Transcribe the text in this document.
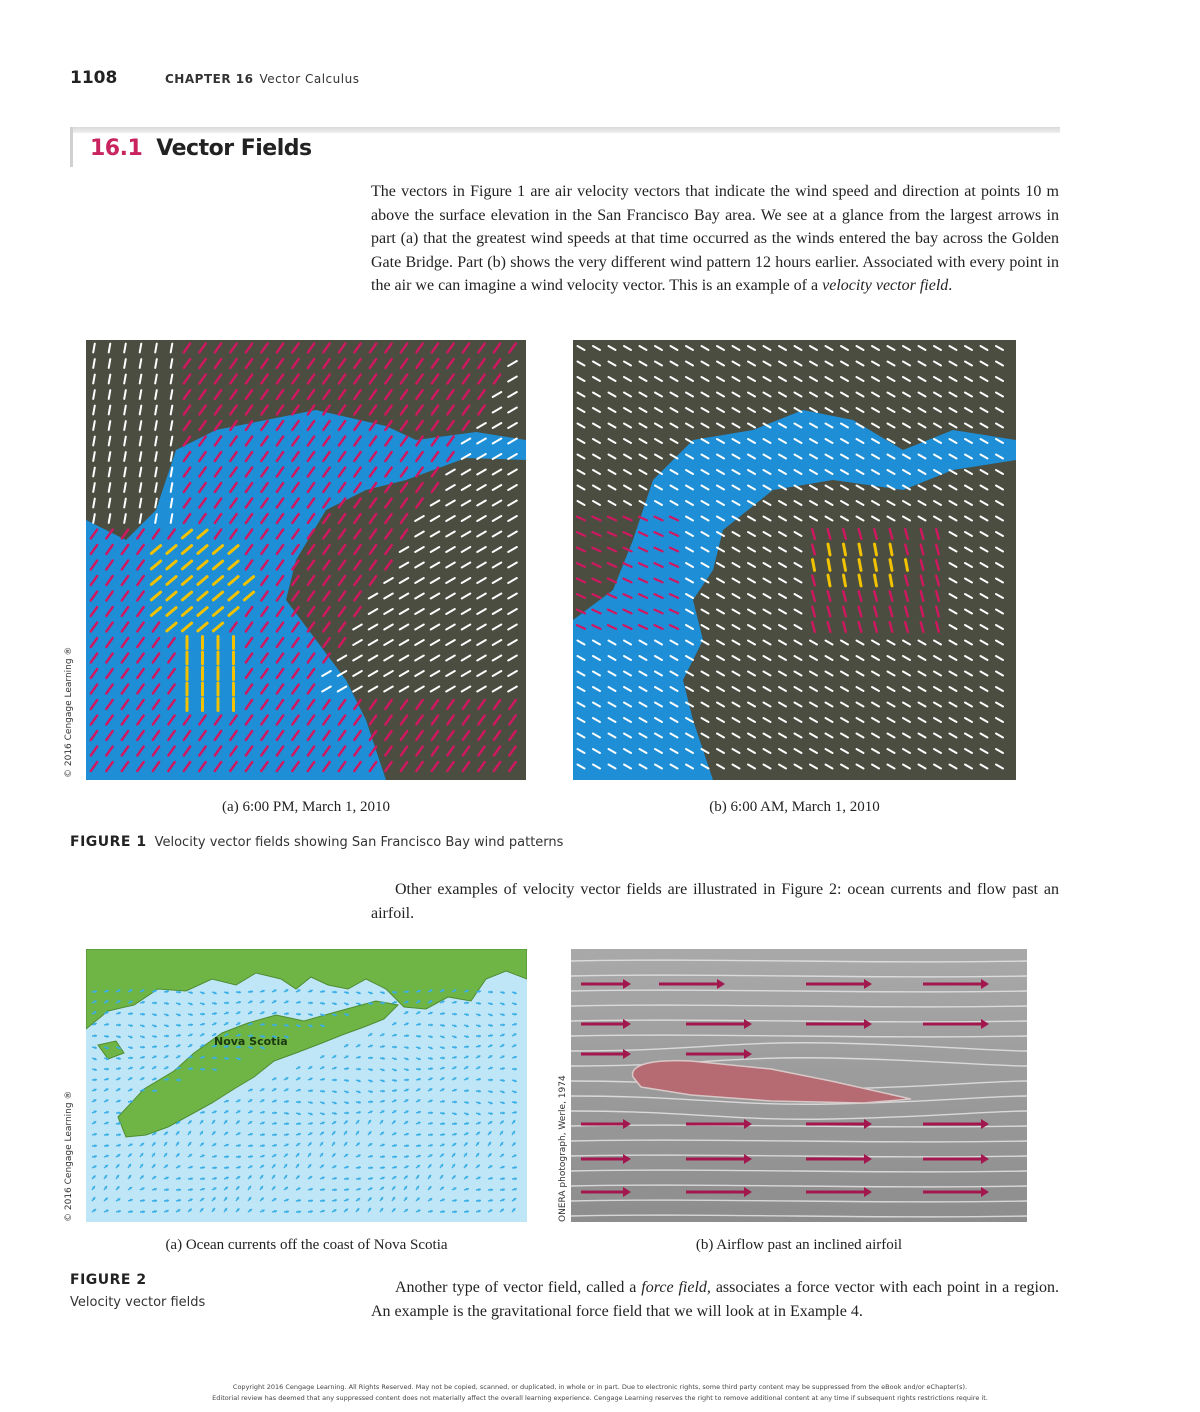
1108	CHAPTER 16 Vector Calculus
16.1 Vector Fields
The vectors in Figure 1 are air velocity vectors that indicate the wind speed and direction at points 10 m above the surface elevation in the San Francisco Bay area. We see at a glance from the largest arrows in part (a) that the greatest wind speeds at that time occurred as the winds entered the bay across the Golden Gate Bridge. Part (b) shows the very different wind pattern 12 hours earlier. Associated with every point in the air we can imagine a wind velocity vector. This is an example of a velocity vector field.
© 2016 Cengage Learning ®
(a) 6:00 PM, March 1, 2010	(b) 6:00 AM, March 1, 2010
FIGURE 1 Velocity vector fields showing San Francisco Bay wind patterns
Other examples of velocity vector fields are illustrated in Figure 2: ocean currents and flow past an airfoil.
Nova Scotia
© 2016 Cengage Learning ®	ONERA photograph, Werle, 1974
(a) Ocean currents off the coast of Nova Scotia	(b) Airflow past an inclined airfoil
FIGURE 2
Velocity vector fields
Another type of vector field, called a force field, associates a force vector with each point in a region. An example is the gravitational force field that we will look at in Example 4.
Copyright 2016 Cengage Learning. All Rights Reserved. May not be copied, scanned, or duplicated, in whole or in part. Due to electronic rights, some third party content may be suppressed from the eBook and/or eChapter(s).
Editorial review has deemed that any suppressed content does not materially affect the overall learning experience. Cengage Learning reserves the right to remove additional content at any time if subsequent rights restrictions require it.
